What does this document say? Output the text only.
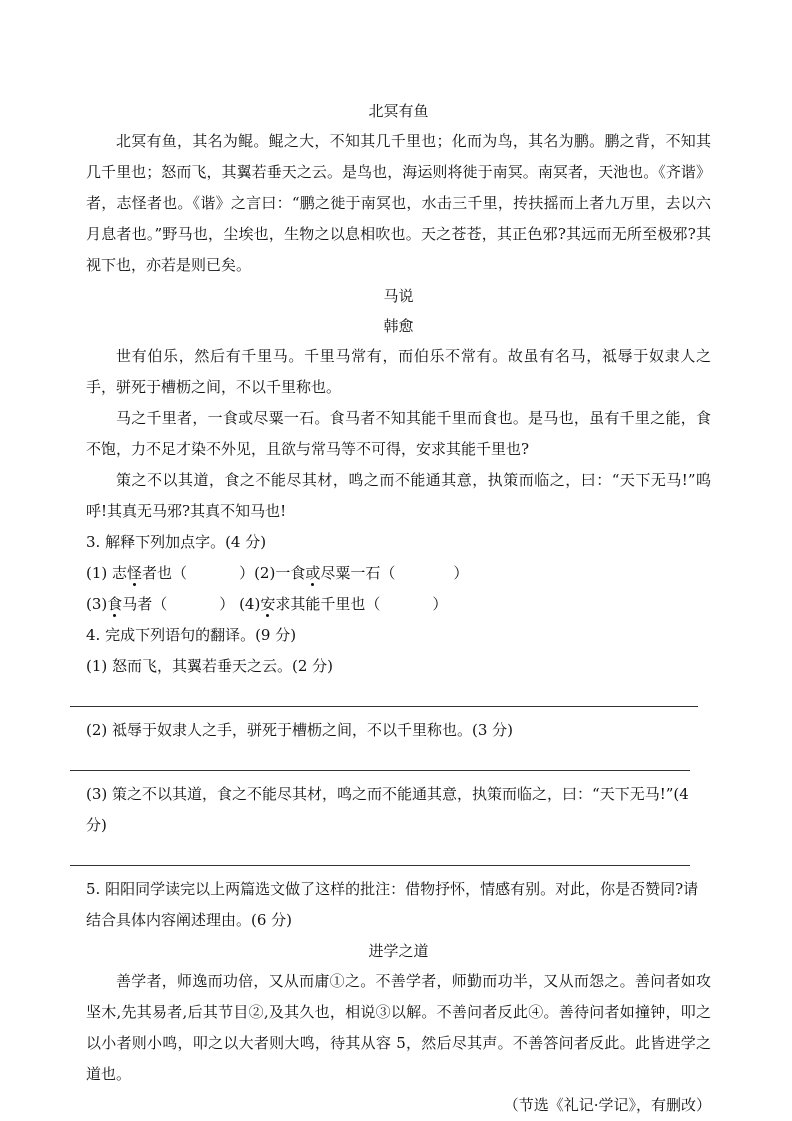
北冥有鱼

北冥有鱼，其名为鲲。鲲之大，不知其几千里也；化而为鸟，其名为鹏。鹏之背，不知其几千里也；怒而飞，其翼若垂天之云。是鸟也，海运则将徙于南冥。南冥者，天池也。《齐谐》者，志怪者也。《谐》之言曰：“鹏之徙于南冥也，水击三千里，抟扶摇而上者九万里，去以六月息者也。”野马也，尘埃也，生物之以息相吹也。天之苍苍，其正色邪?其远而无所至极邪?其视下也，亦若是则已矣。

马说

韩愈

世有伯乐，然后有千里马。千里马常有，而伯乐不常有。故虽有名马，祗辱于奴隶人之手，骈死于槽枥之间，不以千里称也。

马之千里者，一食或尽粟一石。食马者不知其能千里而食也。是马也，虽有千里之能，食不饱，力不足才染不外见，且欲与常马等不可得，安求其能千里也?

策之不以其道，食之不能尽其材，鸣之而不能通其意，执策而临之，曰：“天下无马!”呜呼!其真无马邪?其真不知马也!

3. 解释下列加点字。(4 分)

(1) 志怪者也（	）(2)一食或尽粟一石（	）

(3)食马者（	） (4)安求其能千里也（	）

4. 完成下列语句的翻译。(9 分)

(1) 怒而飞，其翼若垂天之云。(2 分)

(2) 祗辱于奴隶人之手，骈死于槽枥之间，不以千里称也。(3 分)

(3) 策之不以其道，食之不能尽其材，鸣之而不能通其意，执策而临之，曰：“天下无马!”(4 分)

5. 阳阳同学读完以上两篇选文做了这样的批注：借物抒怀，情感有别。对此，你是否赞同?请结合具体内容阐述理由。(6 分)

进学之道

善学者，师逸而功倍，又从而庸①之。不善学者，师勤而功半，又从而怨之。善问者如攻坚木,先其易者,后其节目②,及其久也，相说③以解。不善问者反此④。善待问者如撞钟，叩之以小者则小鸣，叩之以大者则大鸣，待其从容 5，然后尽其声。不善答问者反此。此皆进学之道也。

（节选《礼记·学记》，有删改）
